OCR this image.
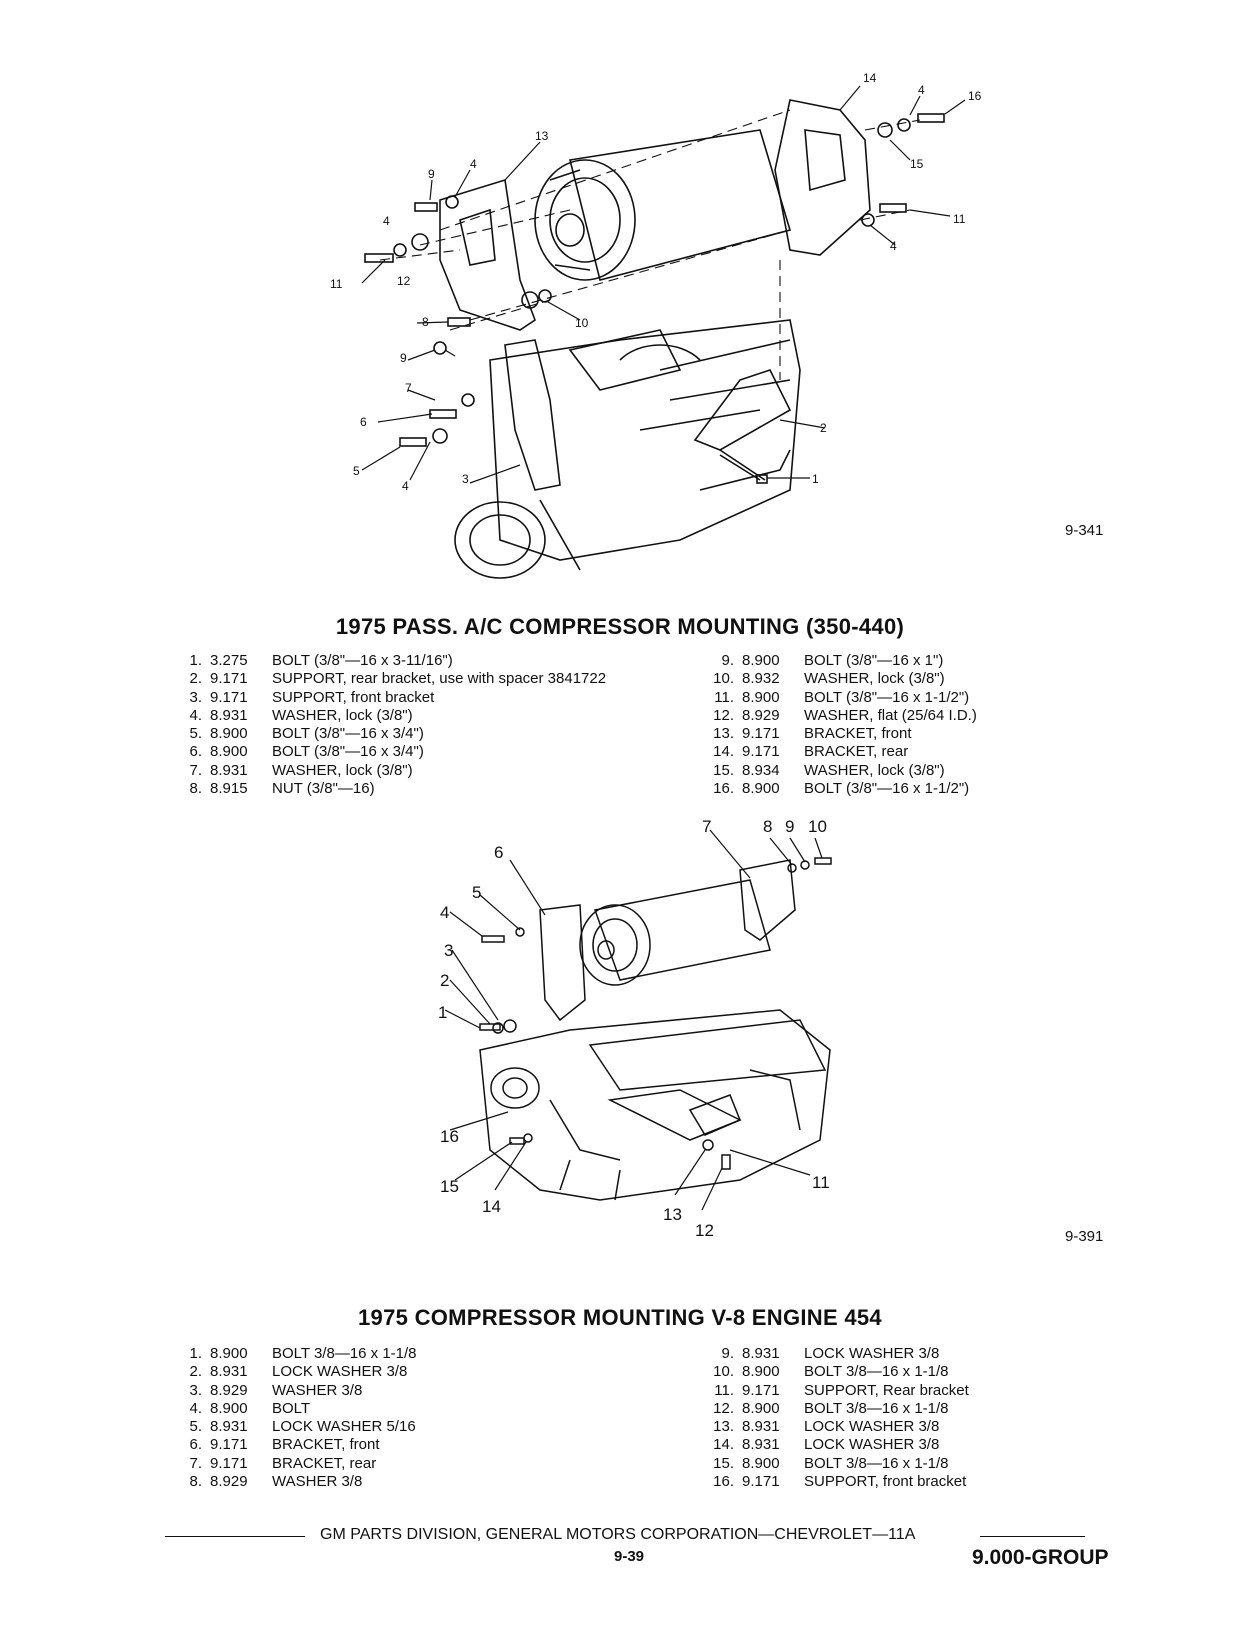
1
2
3
4
4
4
4
4
5
6
7
8
9
9
10
11
11
12
13
14
15
16
9-341
1975 PASS. A/C COMPRESSOR MOUNTING (350-440)
1. 3.275	BOLT (3/8"—16 x 3-11/16")
2. 9.171	SUPPORT, rear bracket, use with spacer 3841722
3. 9.171	SUPPORT, front bracket
4. 8.931	WASHER, lock (3/8")
5. 8.900	BOLT (3/8"—16 x 3/4")
6. 8.900	BOLT (3/8"—16 x 3/4")
7. 8.931	WASHER, lock (3/8")
8. 8.915	NUT (3/8"—16)
9. 8.900	BOLT (3/8"—16 x 1")
10. 8.932	WASHER, lock (3/8")
11. 8.900	BOLT (3/8"—16 x 1-1/2")
12. 8.929	WASHER, flat (25/64 I.D.)
13. 9.171	BRACKET, front
14. 9.171	BRACKET, rear
15. 8.934	WASHER, lock (3/8")
16. 8.900	BOLT (3/8"—16 x 1-1/2")
1
2
3
4
5
6
7	8 9 10
11
12
13
14
15
16
9-391
1975 COMPRESSOR MOUNTING V-8 ENGINE 454
1. 8.900	BOLT 3/8—16 x 1-1/8
2. 8.931	LOCK WASHER 3/8
3. 8.929	WASHER 3/8
4. 8.900	BOLT
5. 8.931	LOCK WASHER 5/16
6. 9.171	BRACKET, front
7. 9.171	BRACKET, rear
8. 8.929	WASHER 3/8
9. 8.931	LOCK WASHER 3/8
10. 8.900	BOLT 3/8—16 x 1-1/8
11. 9.171	SUPPORT, Rear bracket
12. 8.900	BOLT 3/8—16 x 1-1/8
13. 8.931	LOCK WASHER 3/8
14. 8.931	LOCK WASHER 3/8
15. 8.900	BOLT 3/8—16 x 1-1/8
16. 9.171	SUPPORT, front bracket
GM PARTS DIVISION, GENERAL MOTORS CORPORATION—CHEVROLET—11A
9-39	9.000-GROUP
